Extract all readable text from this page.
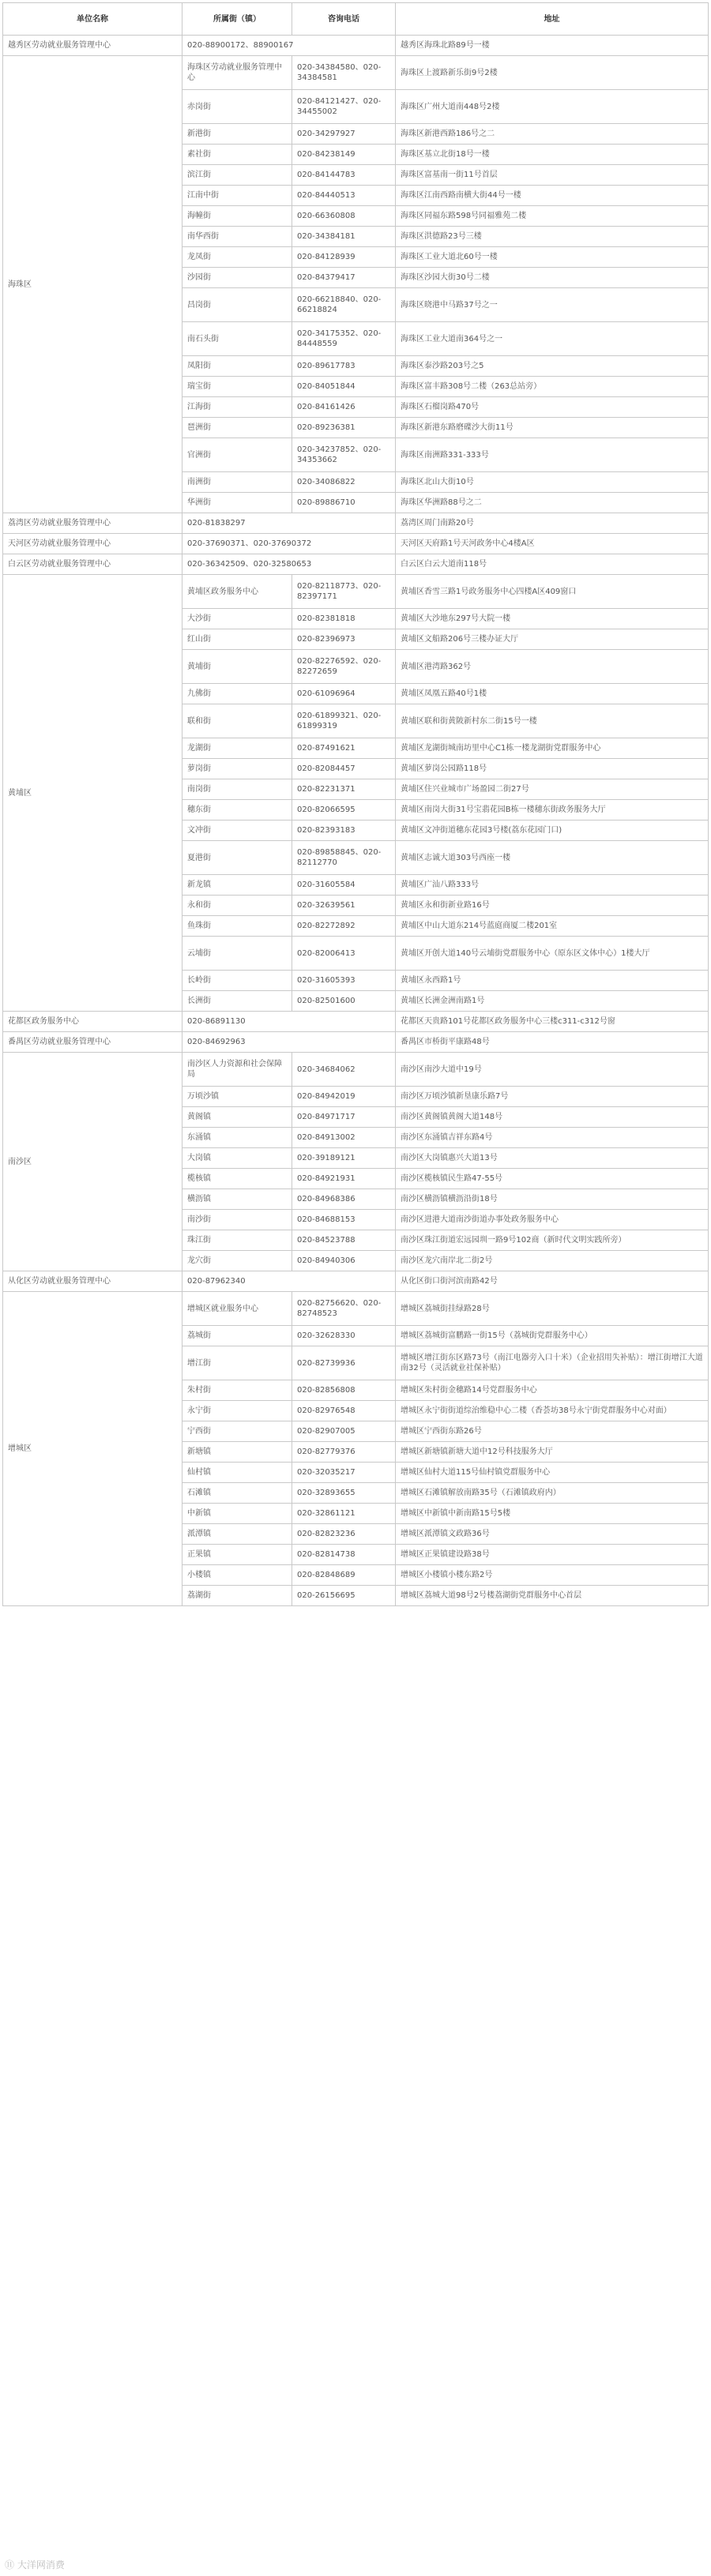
单位名称	所属街（镇）	咨询电话	地址
越秀区劳动就业服务管理中心	020-88900172、88900167		越秀区海珠北路89号一楼
海珠区	海珠区劳动就业服务管理中心	020-34384580、020-34384581	海珠区上渡路新乐街9号2楼
	赤岗街	020-84121427、020-34455002	海珠区广州大道南448号2楼
	新港街	020-34297927	海珠区新港西路186号之二
	素社街	020-84238149	海珠区基立北街18号一楼
	滨江街	020-84144783	海珠区富基南一街11号首层
	江南中街	020-84440513	海珠区江南西路南横大街44号一楼
	海幢街	020-66360808	海珠区同福东路598号同福雅苑二楼
	南华西街	020-34384181	海珠区洪德路23号三楼
	龙凤街	020-84128939	海珠区工业大道北60号一楼
	沙园街	020-84379417	海珠区沙园大街30号二楼
	昌岗街	020-66218840、020-66218824	海珠区晓港中马路37号之一
	南石头街	020-34175352、020-84448559	海珠区工业大道南364号之一
	凤阳街	020-89617783	海珠区泰沙路203号之5
	瑞宝街	020-84051844	海珠区富丰路308号二楼（263总站旁）
	江海街	020-84161426	海珠区石榴岗路470号
	琶洲街	020-89236381	海珠区新港东路磨碟沙大街11号
	官洲街	020-34237852、020-34353662	海珠区南洲路331-333号
	南洲街	020-34086822	海珠区北山大街10号
	华洲街	020-89886710	海珠区华洲路88号之二
荔湾区劳动就业服务管理中心	020-81838297		荔湾区周门南路20号
天河区劳动就业服务管理中心	020-37690371、020-37690372		天河区天府路1号天河政务中心4楼A区
白云区劳动就业服务管理中心	020-36342509、020-32580653		白云区白云大道南118号
黄埔区	黄埔区政务服务中心	020-82118773、020-82397171	黄埔区香雪三路1号政务服务中心四楼A区409窗口
	大沙街	020-82381818	黄埔区大沙地东297号大院一楼
	红山街	020-82396973	黄埔区文船路206号三楼办证大厅
	黄埔街	020-82276592、020-82272659	黄埔区港湾路362号
	九佛街	020-61096964	黄埔区凤凰五路40号1楼
	联和街	020-61899321、020-61899319	黄埔区联和街黄陂新村东二街15号一楼
	龙湖街	020-87491621	黄埔区龙湖街城南坊里中心C1栋一楼龙湖街党群服务中心
	萝岗街	020-82084457	黄埔区萝岗公园路118号
	南岗街	020-82231371	黄埔区住兴业城市广场盈园二街27号
	穗东街	020-82066595	黄埔区南岗大街31号宝翡花园B栋一楼穗东街政务服务大厅
	文冲街	020-82393183	黄埔区文冲街道穗东花园3号楼(荔东花园门口)
	夏港街	020-89858845、020-82112770	黄埔区志诚大道303号西座一楼
	新龙镇	020-31605584	黄埔区广汕八路333号
	永和街	020-32639561	黄埔区永和街新业路16号
	鱼珠街	020-82272892	黄埔区中山大道东214号蓝庭商厦二楼201室
	云埔街	020-82006413	黄埔区开创大道140号云埔街党群服务中心（原东区文体中心）1楼大厅
	长岭街	020-31605393	黄埔区永西路1号
	长洲街	020-82501600	黄埔区长洲金洲南路1号
花都区政务服务中心	020-86891130		花都区天贵路101号花都区政务服务中心三楼c311-c312号窗
番禺区劳动就业服务管理中心	020-84692963		番禺区市桥街平康路48号
南沙区	南沙区人力资源和社会保障局	020-34684062	南沙区南沙大道中19号
	万顷沙镇	020-84942019	南沙区万顷沙镇新垦康乐路7号
	黄阁镇	020-84971717	南沙区黄阁镇黄阁大道148号
	东涌镇	020-84913002	南沙区东涌镇吉祥东路4号
	大岗镇	020-39189121	南沙区大岗镇惠兴大道13号
	榄核镇	020-84921931	南沙区榄核镇民生路47-55号
	横沥镇	020-84968386	南沙区横沥镇横沥沿街18号
	南沙街	020-84688153	南沙区进港大道南沙街道办事处政务服务中心
	珠江街	020-84523788	南沙区珠江街道宏远园圳一路9号102商（新时代文明实践所旁）
	龙穴街	020-84940306	南沙区龙穴南岸北二街2号
从化区劳动就业服务管理中心	020-87962340		从化区街口街河滨南路42号
增城区	增城区就业服务中心	020-82756620、020-82748523	增城区荔城街挂绿路28号
	荔城街	020-32628330	增城区荔城街富鹏路一街15号（荔城街党群服务中心）
	增江街	020-82739936	增城区增江街东区路73号（南江电器旁入口十米）（企业招用失补贴）：增江街增江大道南32号（灵活就业社保补贴）
	朱村街	020-82856808	增城区朱村街金穗路14号党群服务中心
	永宁街	020-82976548	增城区永宁街街道综治维稳中心二楼（香荟坊38号永宁街党群服务中心对面）
	宁西街	020-82907005	增城区宁西街东路26号
	新塘镇	020-82779376	增城区新塘镇新塘大道中12号科技服务大厅
	仙村镇	020-32035217	增城区仙村大道115号仙村镇党群服务中心
	石滩镇	020-32893655	增城区石滩镇解放南路35号（石滩镇政府内）
	中新镇	020-32861121	增城区中新镇中新南路15号5楼
	派潭镇	020-82823236	增城区派潭镇文政路36号
	正果镇	020-82814738	增城区正果镇建设路38号
	小楼镇	020-82848689	增城区小楼镇小楼东路2号
	荔湖街	020-26156695	增城区荔城大道98号2号楼荔湖街党群服务中心首层
⑪ 大洋网消费
